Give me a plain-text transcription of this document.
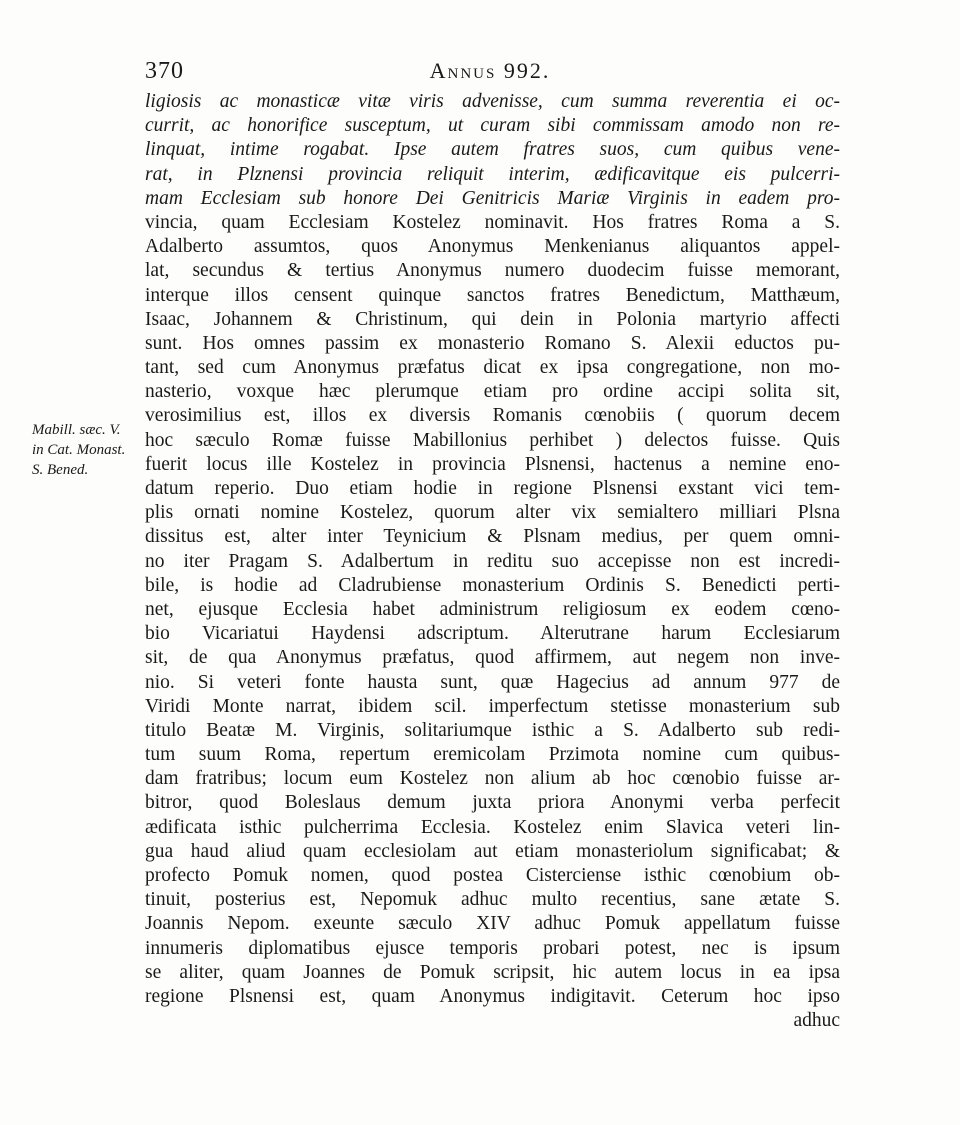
370	Annus 992.
Mabill. sæc. V.
in Cat. Monast.
S. Bened.
ligiosis ac monasticæ vitæ viris advenisse, cum summa reverentia ei oc-
currit, ac honorifice susceptum, ut curam sibi commissam amodo non re-
linquat, intime rogabat. Ipse autem fratres suos, cum quibus vene-
rat, in Plznensi provincia reliquit interim, ædificavitque eis pulcerri-
mam Ecclesiam sub honore Dei Genitricis Mariæ Virginis in eadem pro-
vincia, quam Ecclesiam Kostelez nominavit. Hos fratres Roma a S.
Adalberto assumtos, quos Anonymus Menkenianus aliquantos appel-
lat, secundus & tertius Anonymus numero duodecim fuisse memorant,
interque illos censent quinque sanctos fratres Benedictum, Matthæum,
Isaac, Johannem & Christinum, qui dein in Polonia martyrio affecti
sunt. Hos omnes passim ex monasterio Romano S. Alexii eductos pu-
tant, sed cum Anonymus præfatus dicat ex ipsa congregatione, non mo-
nasterio, voxque hæc plerumque etiam pro ordine accipi solita sit,
verosimilius est, illos ex diversis Romanis cœnobiis ( quorum decem
hoc sæculo Romæ fuisse Mabillonius perhibet ) delectos fuisse. Quis
fuerit locus ille Kostelez in provincia Plsnensi, hactenus a nemine eno-
datum reperio. Duo etiam hodie in regione Plsnensi exstant vici tem-
plis ornati nomine Kostelez, quorum alter vix semialtero milliari Plsna
dissitus est, alter inter Teynicium & Plsnam medius, per quem omni-
no iter Pragam S. Adalbertum in reditu suo accepisse non est incredi-
bile, is hodie ad Cladrubiense monasterium Ordinis S. Benedicti perti-
net, ejusque Ecclesia habet administrum religiosum ex eodem cœno-
bio Vicariatui Haydensi adscriptum. Alterutrane harum Ecclesiarum
sit, de qua Anonymus præfatus, quod affirmem, aut negem non inve-
nio. Si veteri fonte hausta sunt, quæ Hagecius ad annum 977 de
Viridi Monte narrat, ibidem scil. imperfectum stetisse monasterium sub
titulo Beatæ M. Virginis, solitariumque isthic a S. Adalberto sub redi-
tum suum Roma, repertum eremicolam Przimota nomine cum quibus-
dam fratribus; locum eum Kostelez non alium ab hoc cœnobio fuisse ar-
bitror, quod Boleslaus demum juxta priora Anonymi verba perfecit
ædificata isthic pulcherrima Ecclesia. Kostelez enim Slavica veteri lin-
gua haud aliud quam ecclesiolam aut etiam monasteriolum significabat; &
profecto Pomuk nomen, quod postea Cisterciense isthic cœnobium ob-
tinuit, posterius est, Nepomuk adhuc multo recentius, sane ætate S.
Joannis Nepom. exeunte sæculo XIV adhuc Pomuk appellatum fuisse
innumeris diplomatibus ejusce temporis probari potest, nec is ipsum
se aliter, quam Joannes de Pomuk scripsit, hic autem locus in ea ipsa
regione Plsnensi est, quam Anonymus indigitavit. Ceterum hoc ipso
adhuc
